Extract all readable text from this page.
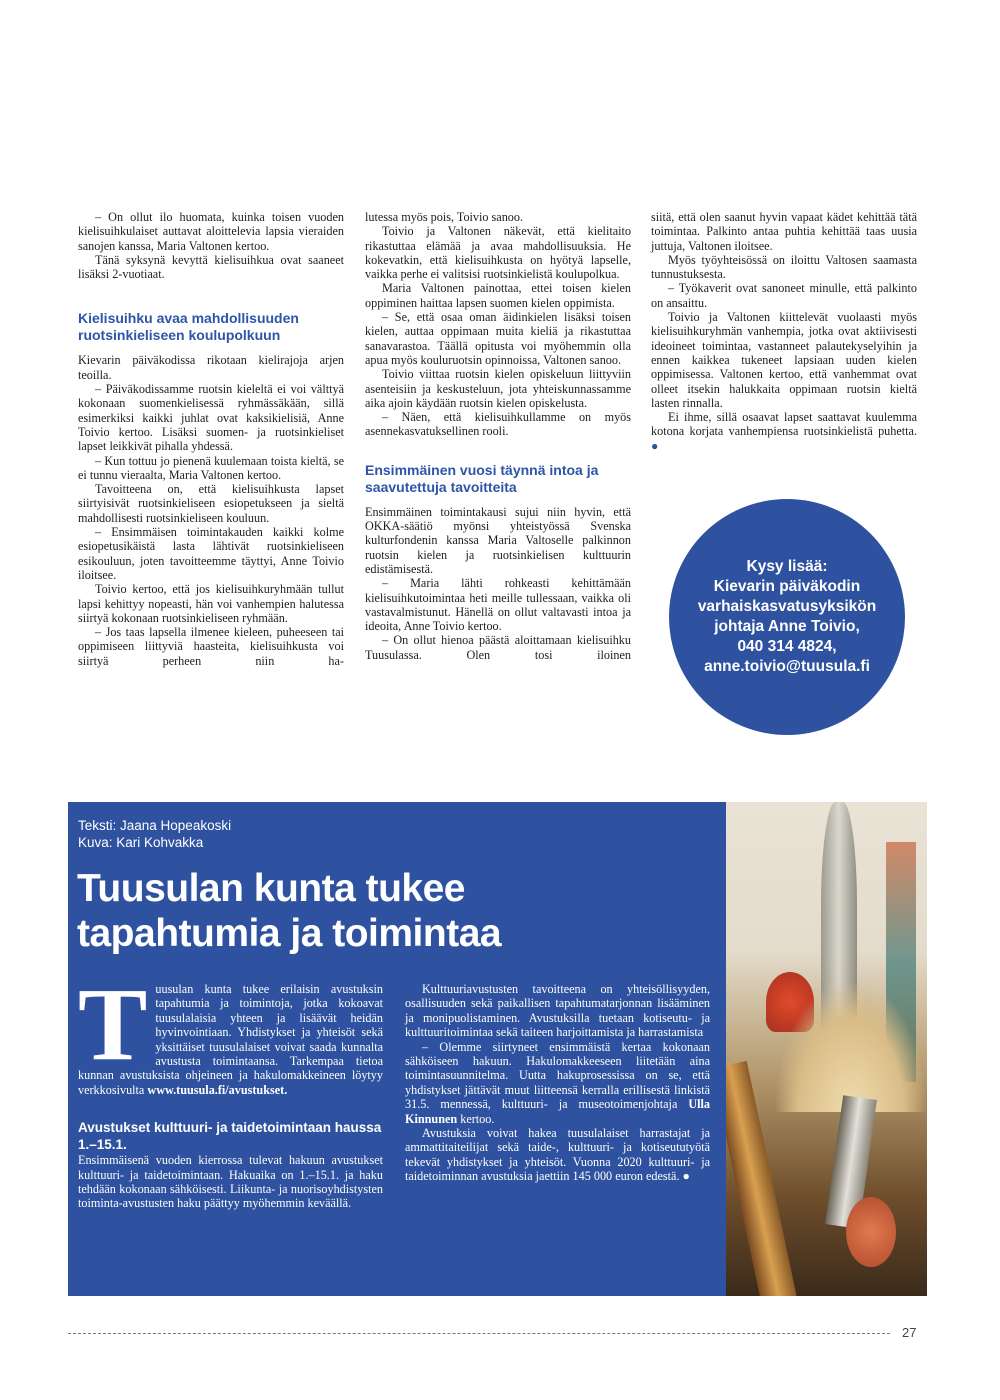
– On ollut ilo huomata, kuinka toisen vuoden kielisuihkulaiset auttavat aloittelevia lapsia vieraiden sanojen kanssa, Maria Valtonen kertoo.

Tänä syksynä kevyttä kielisuihkua ovat saaneet lisäksi 2-vuotiaat.

Kielisuihku avaa mahdollisuuden ruotsinkieliseen koulupolkuun

Kievarin päiväkodissa rikotaan kielirajoja arjen teoilla.

– Päiväkodissamme ruotsin kieleltä ei voi välttyä kokonaan suomenkielisessä ryhmässäkään, sillä esimerkiksi kaikki juhlat ovat kaksikielisiä, Anne Toivio kertoo. Lisäksi suomen- ja ruotsinkieliset lapset leikkivät pihalla yhdessä.

– Kun tottuu jo pienenä kuulemaan toista kieltä, se ei tunnu vieraalta, Maria Valtonen kertoo.

Tavoitteena on, että kielisuihkusta lapset siirtyisivät ruotsinkieliseen esiopetukseen ja sieltä mahdollisesti ruotsinkieliseen kouluun.

– Ensimmäisen toimintakauden kaikki kolme esiopetusikäistä lasta lähtivät ruotsinkieliseen esikouluun, joten tavoitteemme täyttyi, Anne Toivio iloitsee.

Toivio kertoo, että jos kielisuihkuryhmään tullut lapsi kehittyy nopeasti, hän voi vanhempien halutessa siirtyä kokonaan ruotsinkieliseen ryhmään.

– Jos taas lapsella ilmenee kieleen, puheeseen tai oppimiseen liittyviä haasteita, kielisuihkusta voi siirtyä perheen niin ha-

lutessa myös pois, Toivio sanoo.

Toivio ja Valtonen näkevät, että kielitaito rikastuttaa elämää ja avaa mahdollisuuksia. He kokevatkin, että kielisuihkusta on hyötyä lapselle, vaikka perhe ei valitsisi ruotsinkielistä koulupolkua.

Maria Valtonen painottaa, ettei toisen kielen oppiminen haittaa lapsen suomen kielen oppimista.

– Se, että osaa oman äidinkielen lisäksi toisen kielen, auttaa oppimaan muita kieliä ja rikastuttaa sanavarastoa. Täällä opitusta voi myöhemmin olla apua myös kouluruotsin opinnoissa, Valtonen sanoo.

Toivio viittaa ruotsin kielen opiskeluun liittyviin asenteisiin ja keskusteluun, jota yhteiskunnassamme aika ajoin käydään ruotsin kielen opiskelusta.

– Näen, että kielisuihkullamme on myös asennekasvatuksellinen rooli.

Ensimmäinen vuosi täynnä intoa ja saavutettuja tavoitteita

Ensimmäinen toimintakausi sujui niin hyvin, että OKKA-säätiö myönsi yhteistyössä Svenska kulturfondenin kanssa Maria Valtoselle palkinnon ruotsin kielen ja ruotsinkielisen kulttuurin edistämisestä.

– Maria lähti rohkeasti kehittämään kielisuihkutoimintaa heti meille tullessaan, vaikka oli vastavalmistunut. Hänellä on ollut valtavasti intoa ja ideoita, Anne Toivio kertoo.

– On ollut hienoa päästä aloittamaan kielisuihku Tuusulassa. Olen tosi iloinen

siitä, että olen saanut hyvin vapaat kädet kehittää tätä toimintaa. Palkinto antaa puhtia kehittää taas uusia juttuja, Valtonen iloitsee.

Myös työyhteisössä on iloittu Valtosen saamasta tunnustuksesta.

– Työkaverit ovat sanoneet minulle, että palkinto on ansaittu.

Toivio ja Valtonen kiittelevät vuolaasti myös kielisuihkuryhmän vanhempia, jotka ovat aktiivisesti ideoineet toimintaa, vastanneet palautekyselyihin ja ennen kaikkea tukeneet lapsiaan uuden kielen oppimisessa. Valtonen kertoo, että vanhemmat ovat olleet itsekin halukkaita oppimaan ruotsin kieltä lasten rinnalla.

Ei ihme, sillä osaavat lapset saattavat kuulemma kotona korjata vanhempiensa ruotsinkielistä puhetta. ●

Kysy lisää:
Kievarin päiväkodin
varhaiskasvatusyksikön
johtaja Anne Toivio,
040 314 4824,
anne.toivio@tuusula.fi
Teksti: Jaana Hopeakoski
Kuva: Kari Kohvakka
Tuusulan kunta tukee
tapahtumia ja toimintaa

Tuusulan kunta tukee erilaisin avustuksin tapahtumia ja toimintoja, jotka kokoavat tuusulalaisia yhteen ja lisäävät heidän hyvinvointiaan. Yhdistykset ja yhteisöt sekä yksittäiset tuusulalaiset voivat saada kunnalta avustusta toimintaansa. Tarkempaa tietoa kunnan avustuksista ohjeineen ja hakulomakkeineen löytyy verkkosivulta www.tuusula.fi/avustukset.

Avustukset kulttuuri- ja taidetoimintaan haussa 1.–15.1.

Ensimmäisenä vuoden kierrossa tulevat hakuun avustukset kulttuuri- ja taidetoimintaan. Hakuaika on 1.–15.1. ja haku tehdään kokonaan sähköisesti. Liikunta- ja nuorisoyhdistysten toiminta-avustusten haku päättyy myöhemmin keväällä.

Kulttuuriavustusten tavoitteena on yhteisöllisyyden, osallisuuden sekä paikallisen tapahtumatarjonnan lisääminen ja monipuolistaminen. Avustuksilla tuetaan kotiseutu- ja kulttuuritoimintaa sekä taiteen harjoittamista ja harrastamista

– Olemme siirtyneet ensimmäistä kertaa kokonaan sähköiseen hakuun. Hakulomakkeeseen liitetään aina toimintasuunnitelma. Uutta hakuprosessissa on se, että yhdistykset jättävät muut liitteensä kerralla erillisestä linkistä 31.5. mennessä, kulttuuri- ja museotoimenjohtaja Ulla Kinnunen kertoo.

Avustuksia voivat hakea tuusulalaiset harrastajat ja ammattitaiteilijat sekä taide-, kulttuuri- ja kotiseututyötä tekevät yhdistykset ja yhteisöt. Vuonna 2020 kulttuuri- ja taidetoiminnan avustuksia jaettiin 145 000 euron edestä. ●

27
